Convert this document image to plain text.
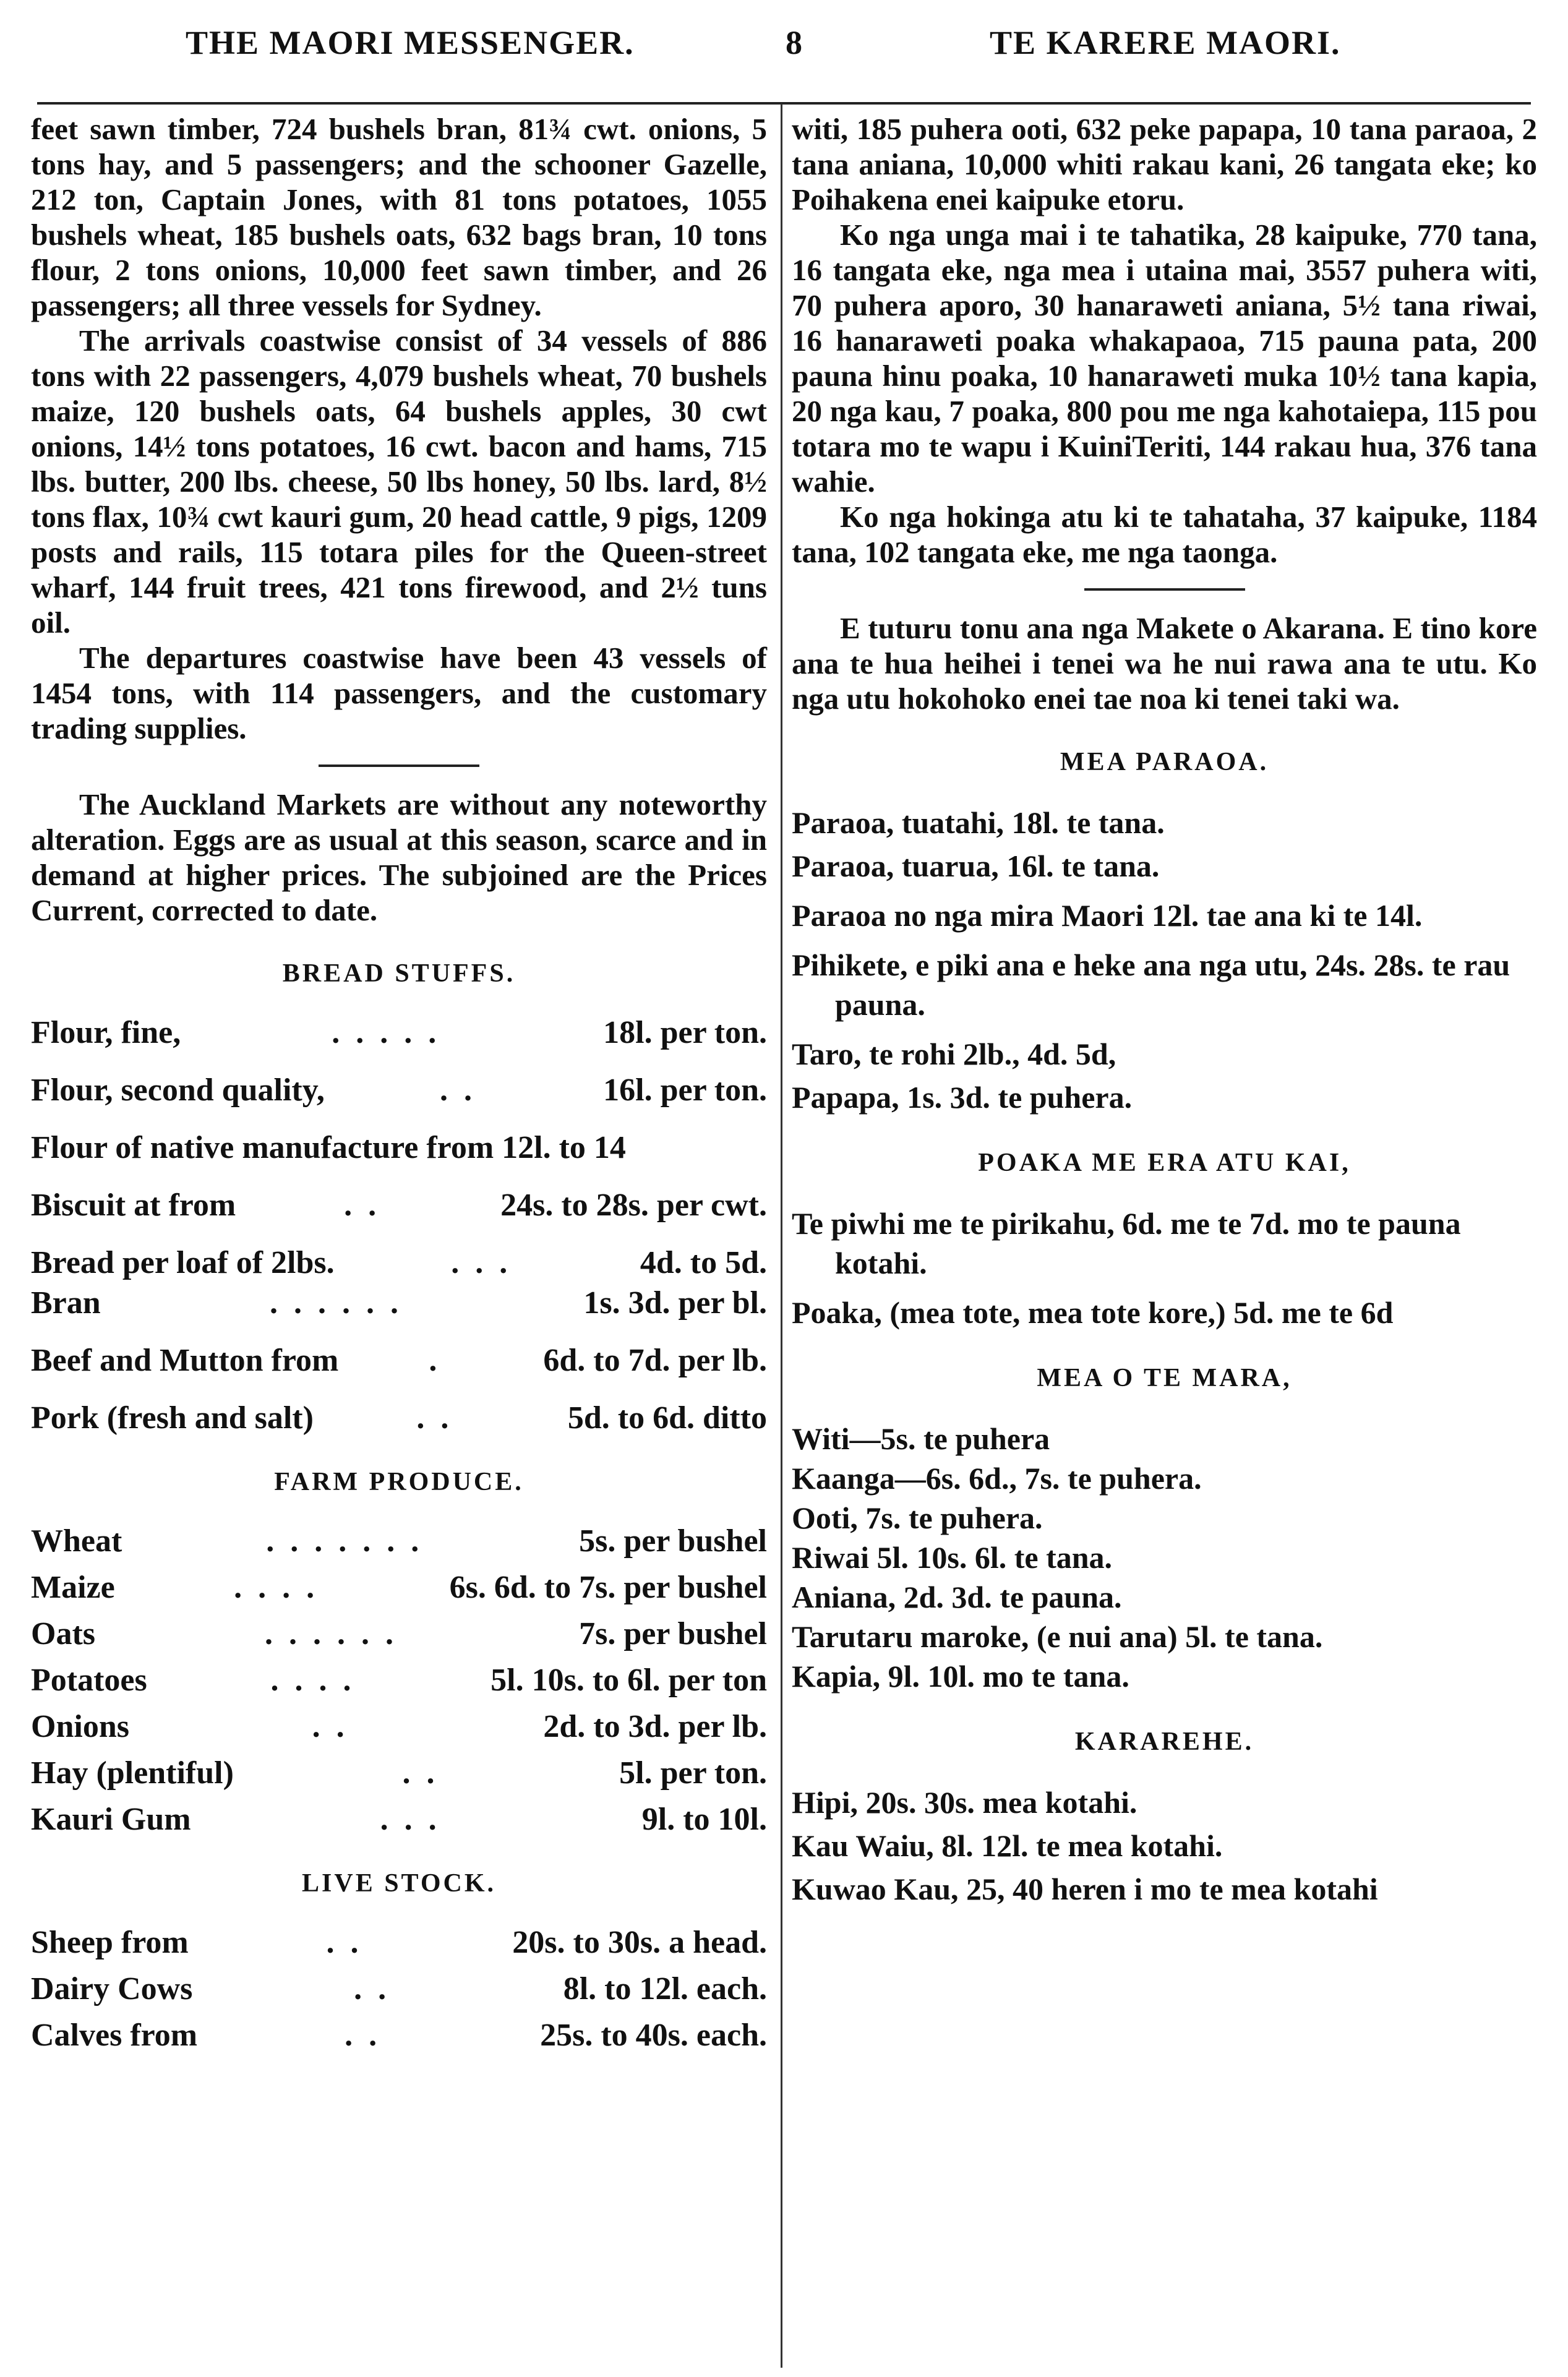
THE MAORI MESSENGER.	8	TE KARERE MAORI.

feet sawn timber, 724 bushels bran, 81¾ cwt. onions, 5 tons hay, and 5 passengers; and the schooner Gazelle, 212 ton, Captain Jones, with 81 tons potatoes, 1055 bushels wheat, 185 bushels oats, 632 bags bran, 10 tons flour, 2 tons onions, 10,000 feet sawn timber, and 26 passengers; all three vessels for Sydney.

The arrivals coastwise consist of 34 vessels of 886 tons with 22 passengers, 4,079 bushels wheat, 70 bushels maize, 120 bushels oats, 64 bushels apples, 30 cwt onions, 14½ tons potatoes, 16 cwt. bacon and hams, 715 lbs. butter, 200 lbs. cheese, 50 lbs honey, 50 lbs. lard, 8½ tons flax, 10¾ cwt kauri gum, 20 head cattle, 9 pigs, 1209 posts and rails, 115 totara piles for the Queen-street wharf, 144 fruit trees, 421 tons firewood, and 2½ tuns oil.

The departures coastwise have been 43 vessels of 1454 tons, with 114 passengers, and the customary trading supplies.

The Auckland Markets are without any noteworthy alteration. Eggs are as usual at this season, scarce and in demand at higher prices. The subjoined are the Prices Current, corrected to date.

BREAD STUFFS.
Flour, fine,	.....	18l. per ton.
Flour, second quality,	..	16l. per ton.
Flour of native manufacture from 12l. to 14
Biscuit at from	..	24s. to 28s. per cwt.
Bread per loaf of 2lbs.	...	4d. to 5d.
Bran	......	1s. 3d. per bl.
Beef and Mutton from	.	6d. to 7d. per lb.
Pork (fresh and salt)	..	5d. to 6d. ditto
FARM PRODUCE.
Wheat	.......	5s. per bushel
Maize	....	6s. 6d. to 7s. per bushel
Oats	......	7s. per bushel
Potatoes	....	5l. 10s. to 6l. per ton
Onions	..	2d. to 3d. per lb.
Hay (plentiful)	..	5l. per ton.
Kauri Gum	...	9l. to 10l.
LIVE STOCK.
Sheep from	..	20s. to 30s. a head.
Dairy Cows	..	8l. to 12l. each.
Calves from	..	25s. to 40s. each.

witi, 185 puhera ooti, 632 peke papapa, 10 tana paraoa, 2 tana aniana, 10,000 whiti rakau kani, 26 tangata eke; ko Poihakena enei kaipuke etoru.

Ko nga unga mai i te tahatika, 28 kaipuke, 770 tana, 16 tangata eke, nga mea i utaina mai, 3557 puhera witi, 70 puhera aporo, 30 hanaraweti aniana, 5½ tana riwai, 16 hanaraweti poaka whakapaoa, 715 pauna pata, 200 pauna hinu poaka, 10 hanaraweti muka 10½ tana kapia, 20 nga kau, 7 poaka, 800 pou me nga kahotaiepa, 115 pou totara mo te wapu i KuiniTeriti, 144 rakau hua, 376 tana wahie.

Ko nga hokinga atu ki te tahataha, 37 kaipuke, 1184 tana, 102 tangata eke, me nga taonga.

E tuturu tonu ana nga Makete o Akarana. E tino kore ana te hua heihei i tenei wa he nui rawa ana te utu. Ko nga utu hokohoko enei tae noa ki tenei taki wa.

MEA PARAOA.

Paraoa, tuatahi, 18l. te tana.

Paraoa, tuarua, 16l. te tana.

Paraoa no nga mira Maori 12l. tae ana ki te 14l.

Pihikete, e piki ana e heke ana nga utu, 24s. 28s. te rau pauna.

Taro, te rohi 2lb., 4d. 5d,

Papapa, 1s. 3d. te puhera.

POAKA ME ERA ATU KAI,

Te piwhi me te pirikahu, 6d. me te 7d. mo te pauna kotahi.

Poaka, (mea tote, mea tote kore,) 5d. me te 6d

MEA O TE MARA,

Witi—5s. te puhera

Kaanga—6s. 6d., 7s. te puhera.

Ooti, 7s. te puhera.

Riwai 5l. 10s. 6l. te tana.

Aniana, 2d. 3d. te pauna.

Tarutaru maroke, (e nui ana) 5l. te tana.

Kapia, 9l. 10l. mo te tana.

KARAREHE.

Hipi, 20s. 30s. mea kotahi.

Kau Waiu, 8l. 12l. te mea kotahi.

Kuwao Kau, 25, 40 heren i mo te mea kotahi
